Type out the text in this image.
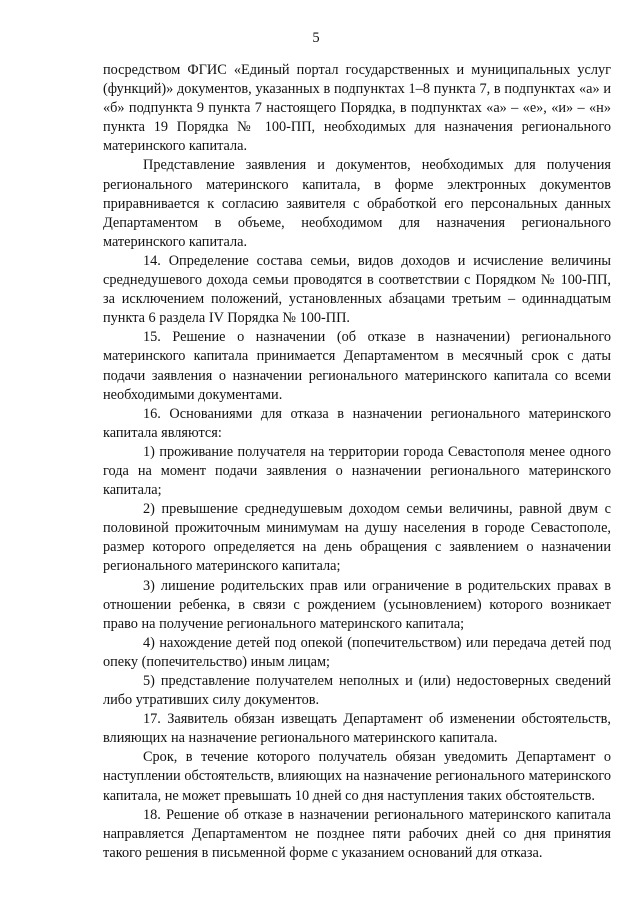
5

посредством ФГИС «Единый портал государственных и муниципальных услуг (функций)» документов, указанных в подпунктах 1–8 пункта 7, в подпунктах «а» и «б» подпункта 9 пункта 7 настоящего Порядка, в подпунктах «а» – «е», «и» – «н» пункта 19 Порядка № 100-ПП, необходимых для назначения регионального материнского капитала.

Представление заявления и документов, необходимых для получения регионального материнского капитала, в форме электронных документов приравнивается к согласию заявителя с обработкой его персональных данных Департаментом в объеме, необходимом для назначения регионального материнского капитала.

14. Определение состава семьи, видов доходов и исчисление величины среднедушевого дохода семьи проводятся в соответствии с Порядком № 100-ПП, за исключением положений, установленных абзацами третьим – одиннадцатым пункта 6 раздела IV Порядка № 100-ПП.

15. Решение о назначении (об отказе в назначении) регионального материнского капитала принимается Департаментом в месячный срок с даты подачи заявления о назначении регионального материнского капитала со всеми необходимыми документами.

16. Основаниями для отказа в назначении регионального материнского капитала являются:

1) проживание получателя на территории города Севастополя менее одного года на момент подачи заявления о назначении регионального материнского капитала;

2) превышение среднедушевым доходом семьи величины, равной двум с половиной прожиточным минимумам на душу населения в городе Севастополе, размер которого определяется на день обращения с заявлением о назначении регионального материнского капитала;

3) лишение родительских прав или ограничение в родительских правах в отношении ребенка, в связи с рождением (усыновлением) которого возникает право на получение регионального материнского капитала;

4) нахождение детей под опекой (попечительством) или передача детей под опеку (попечительство) иным лицам;

5) представление получателем неполных и (или) недостоверных сведений либо утративших силу документов.

17. Заявитель обязан извещать Департамент об изменении обстоятельств, влияющих на назначение регионального материнского капитала.

Срок, в течение которого получатель обязан уведомить Департамент о наступлении обстоятельств, влияющих на назначение регионального материнского капитала, не может превышать 10 дней со дня наступления таких обстоятельств.

18. Решение об отказе в назначении регионального материнского капитала направляется Департаментом не позднее пяти рабочих дней со дня принятия такого решения в письменной форме с указанием оснований для отказа.
